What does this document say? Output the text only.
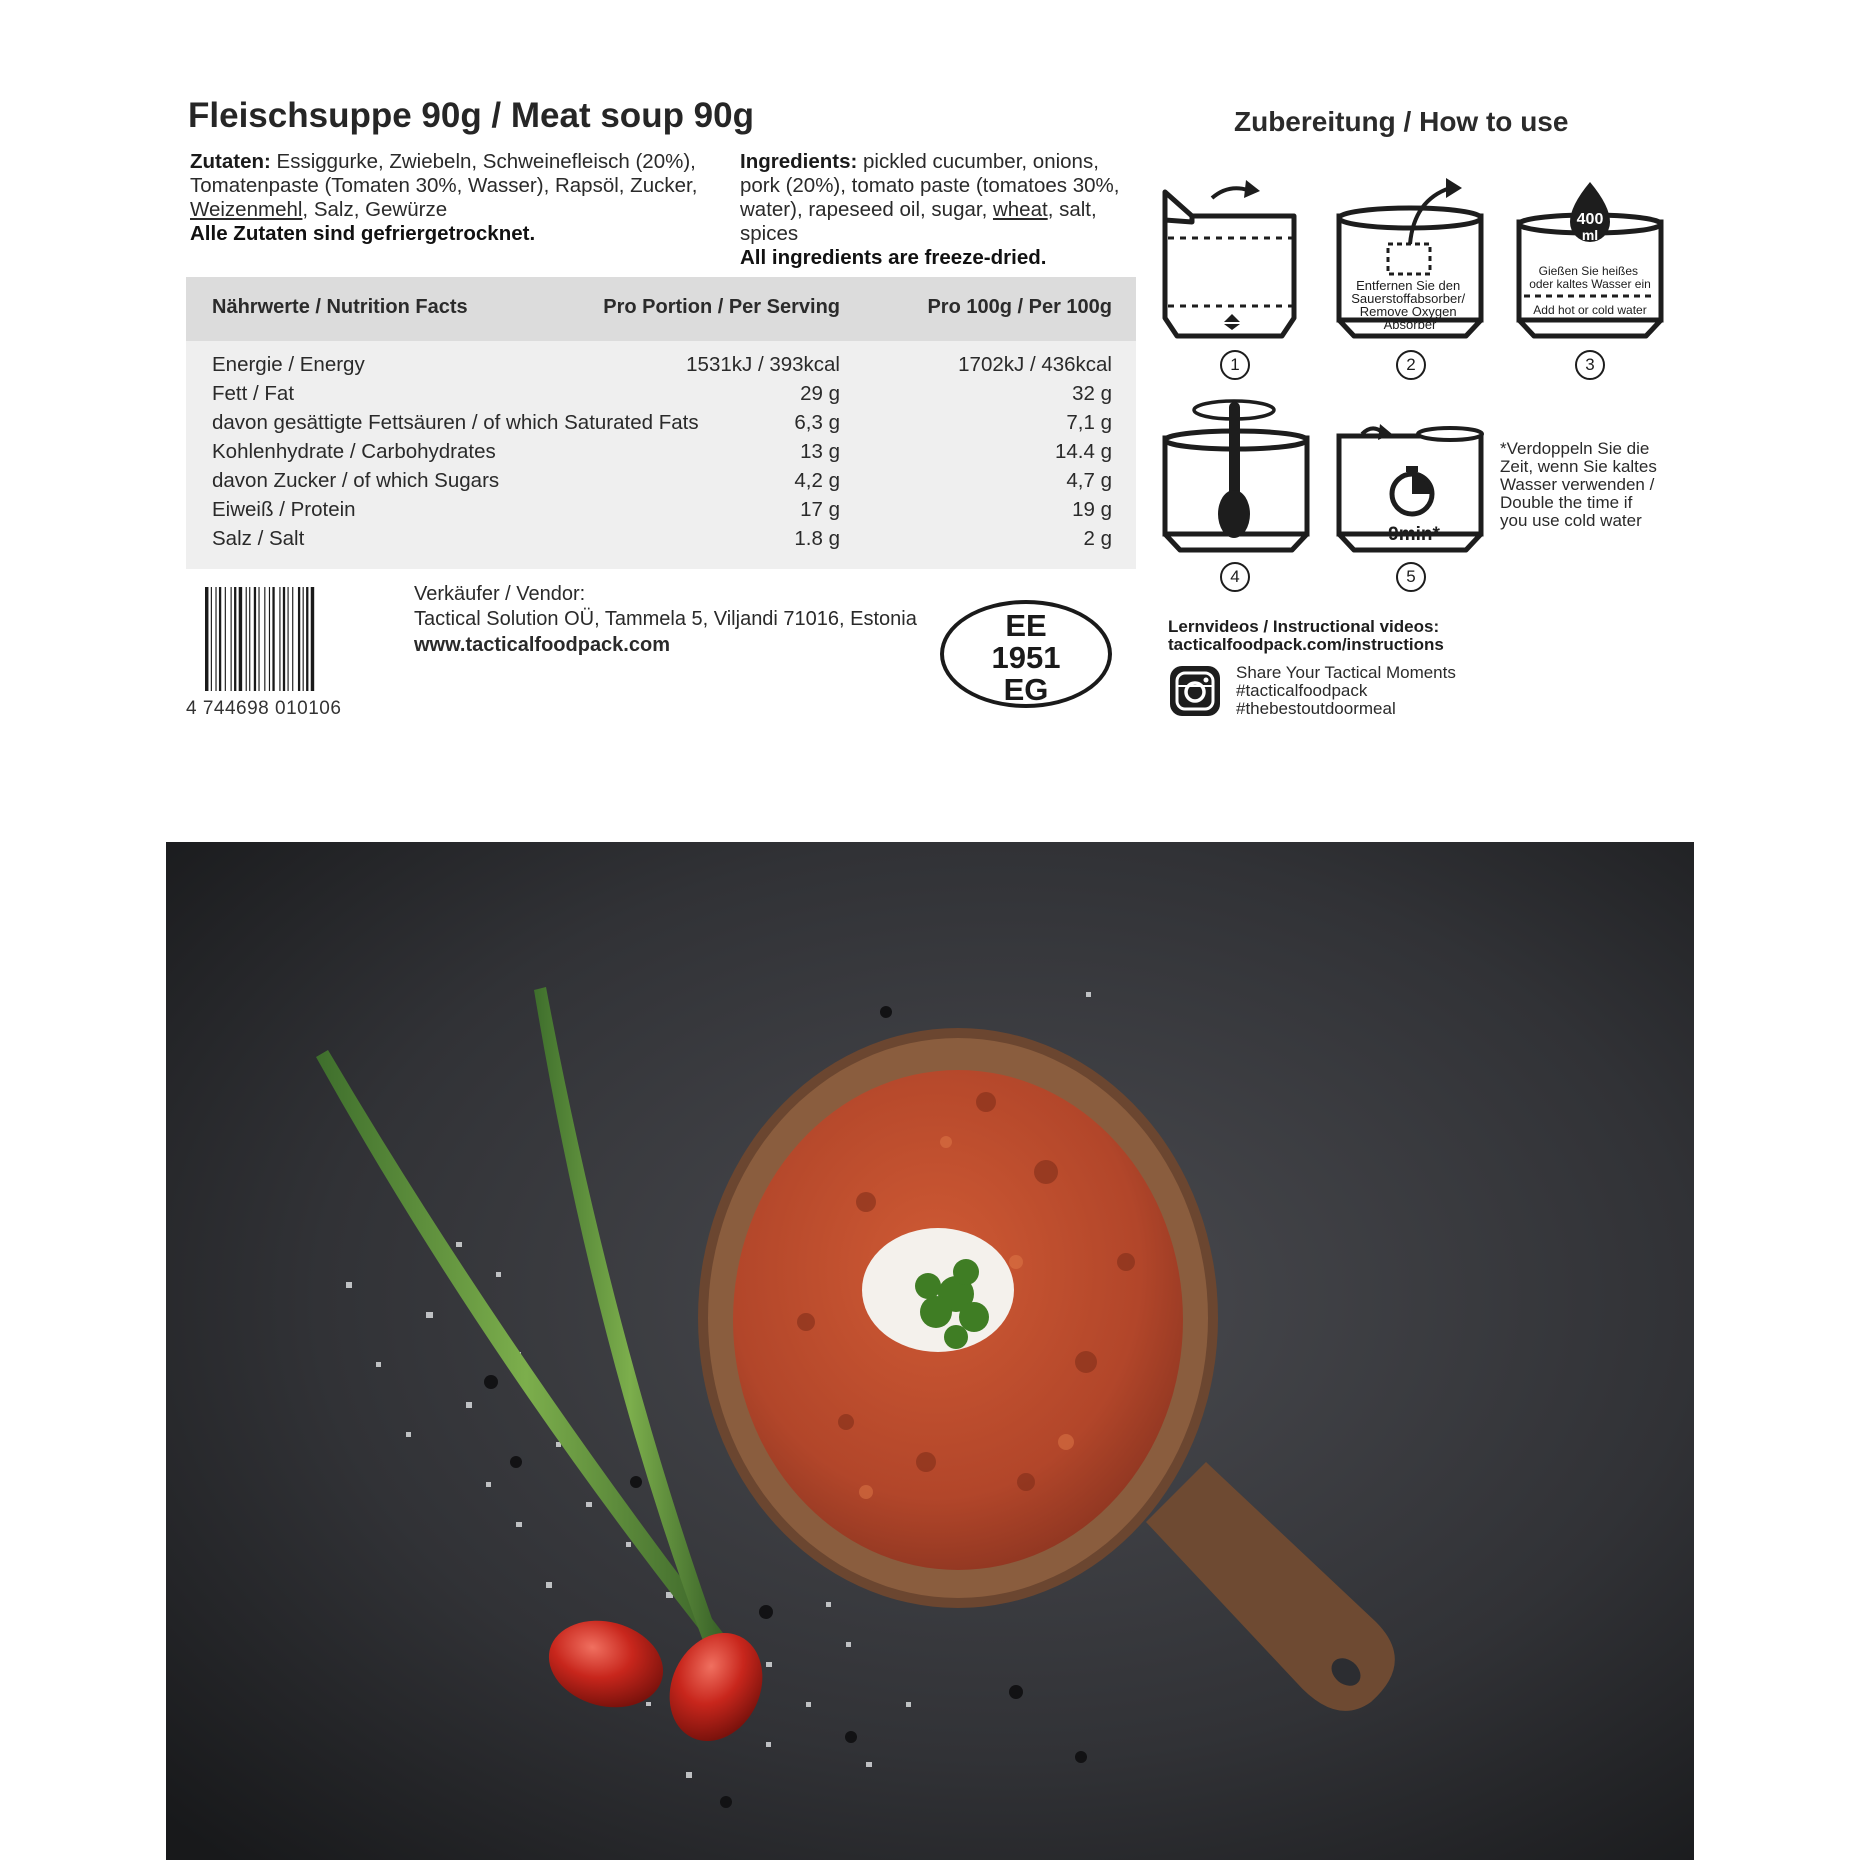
Fleischsuppe 90g / Meat soup 90g
Zutaten: Essiggurke, Zwiebeln, Schweinefleisch (20%), Tomatenpaste (Tomaten 30%, Wasser), Rapsöl, Zucker, Weizenmehl, Salz, Gewürze
Alle Zutaten sind gefriergetrocknet.
Ingredients: pickled cucumber, onions, pork (20%), tomato paste (tomatoes 30%, water), rapeseed oil, sugar, wheat, salt, spices
All ingredients are freeze-dried.
Nährwerte / Nutrition Facts	Pro Portion / Per Serving	Pro 100g / Per 100g
Energie / Energy	1531kJ / 393kcal	1702kJ / 436kcal
Fett / Fat	29 g	32 g
davon gesättigte Fettsäuren / of which Saturated Fats	6,3 g	7,1 g
Kohlenhydrate / Carbohydrates	13 g	14.4 g
davon Zucker / of which Sugars	4,2 g	4,7 g
Eiweiß / Protein	17 g	19 g
Salz / Salt	1.8 g	2 g
4 744698 010106
Verkäufer / Vendor:
Tactical Solution OÜ, Tammela 5, Viljandi 71016, Estonia
www.tacticalfoodpack.com
EE
1951
EG
Zubereitung / How to use
Entfernen Sie den Sauerstoffabsorber/ Remove Oxygen Absorber
400
ml
Gießen Sie heißes oder kaltes Wasser ein
Add hot or cold water
1	2	3
9min*
4	5
*Verdoppeln Sie die
Zeit, wenn Sie kaltes
Wasser verwenden /
Double the time if
you use cold water
Lernvideos / Instructional videos:
tacticalfoodpack.com/instructions
Share Your Tactical Moments
#tacticalfoodpack
#thebestoutdoormeal
